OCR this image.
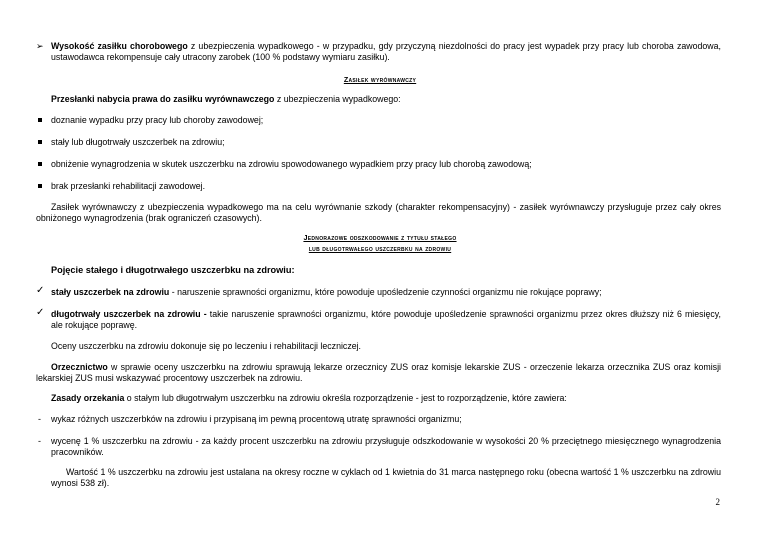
➢ Wysokość zasiłku chorobowego z ubezpieczenia wypadkowego - w przypadku, gdy przyczyną niezdolności do pracy jest wypadek przy pracy lub choroba zawodowa, ustawodawca rekompensuje cały utracony zarobek (100 % podstawy wymiaru zasiłku).
Zasiłek wyrównawczy
Przesłanki nabycia prawa do zasiłku wyrównawczego z ubezpieczenia wypadkowego:
doznanie wypadku przy pracy lub choroby zawodowej;
stały lub długotrwały uszczerbek na zdrowiu;
obniżenie wynagrodzenia w skutek uszczerbku na zdrowiu spowodowanego wypadkiem przy pracy lub chorobą zawodową;
brak przesłanki rehabilitacji zawodowej.
Zasiłek wyrównawczy z ubezpieczenia wypadkowego ma na celu wyrównanie szkody (charakter rekompensacyjny) - zasiłek wyrównawczy przysługuje przez cały okres obniżonego wynagrodzenia (brak ograniczeń czasowych).
Jednorazowe odszkodowanie z tytułu stałego
lub długotrwałego uszczerbku na zdrowiu
Pojęcie stałego i długotrwałego uszczerbku na zdrowiu:
✓ stały uszczerbek na zdrowiu - naruszenie sprawności organizmu, które powoduje upośledzenie czynności organizmu nie rokujące poprawy;
✓ długotrwały uszczerbek na zdrowiu - takie naruszenie sprawności organizmu, które powoduje upośledzenie sprawności organizmu przez okres dłuższy niż 6 miesięcy, ale rokujące poprawę.
Oceny uszczerbku na zdrowiu dokonuje się po leczeniu i rehabilitacji leczniczej.
Orzecznictwo w sprawie oceny uszczerbku na zdrowiu sprawują lekarze orzecznicy ZUS oraz komisje lekarskie ZUS - orzeczenie lekarza orzecznika ZUS oraz komisji lekarskiej ZUS musi wskazywać procentowy uszczerbek na zdrowiu.
Zasady orzekania o stałym lub długotrwałym uszczerbku na zdrowiu określa rozporządzenie - jest to rozporządzenie, które zawiera:
- wykaz różnych uszczerbków na zdrowiu i przypisaną im pewną procentową utratę sprawności organizmu;
- wycenę 1 % uszczerbku na zdrowiu - za każdy procent uszczerbku na zdrowiu przysługuje odszkodowanie w wysokości 20 % przeciętnego miesięcznego wynagrodzenia pracowników.
Wartość 1 % uszczerbku na zdrowiu jest ustalana na okresy roczne w cyklach od 1 kwietnia do 31 marca następnego roku (obecna wartość 1 % uszczerbku na zdrowiu wynosi 538 zł).
2
